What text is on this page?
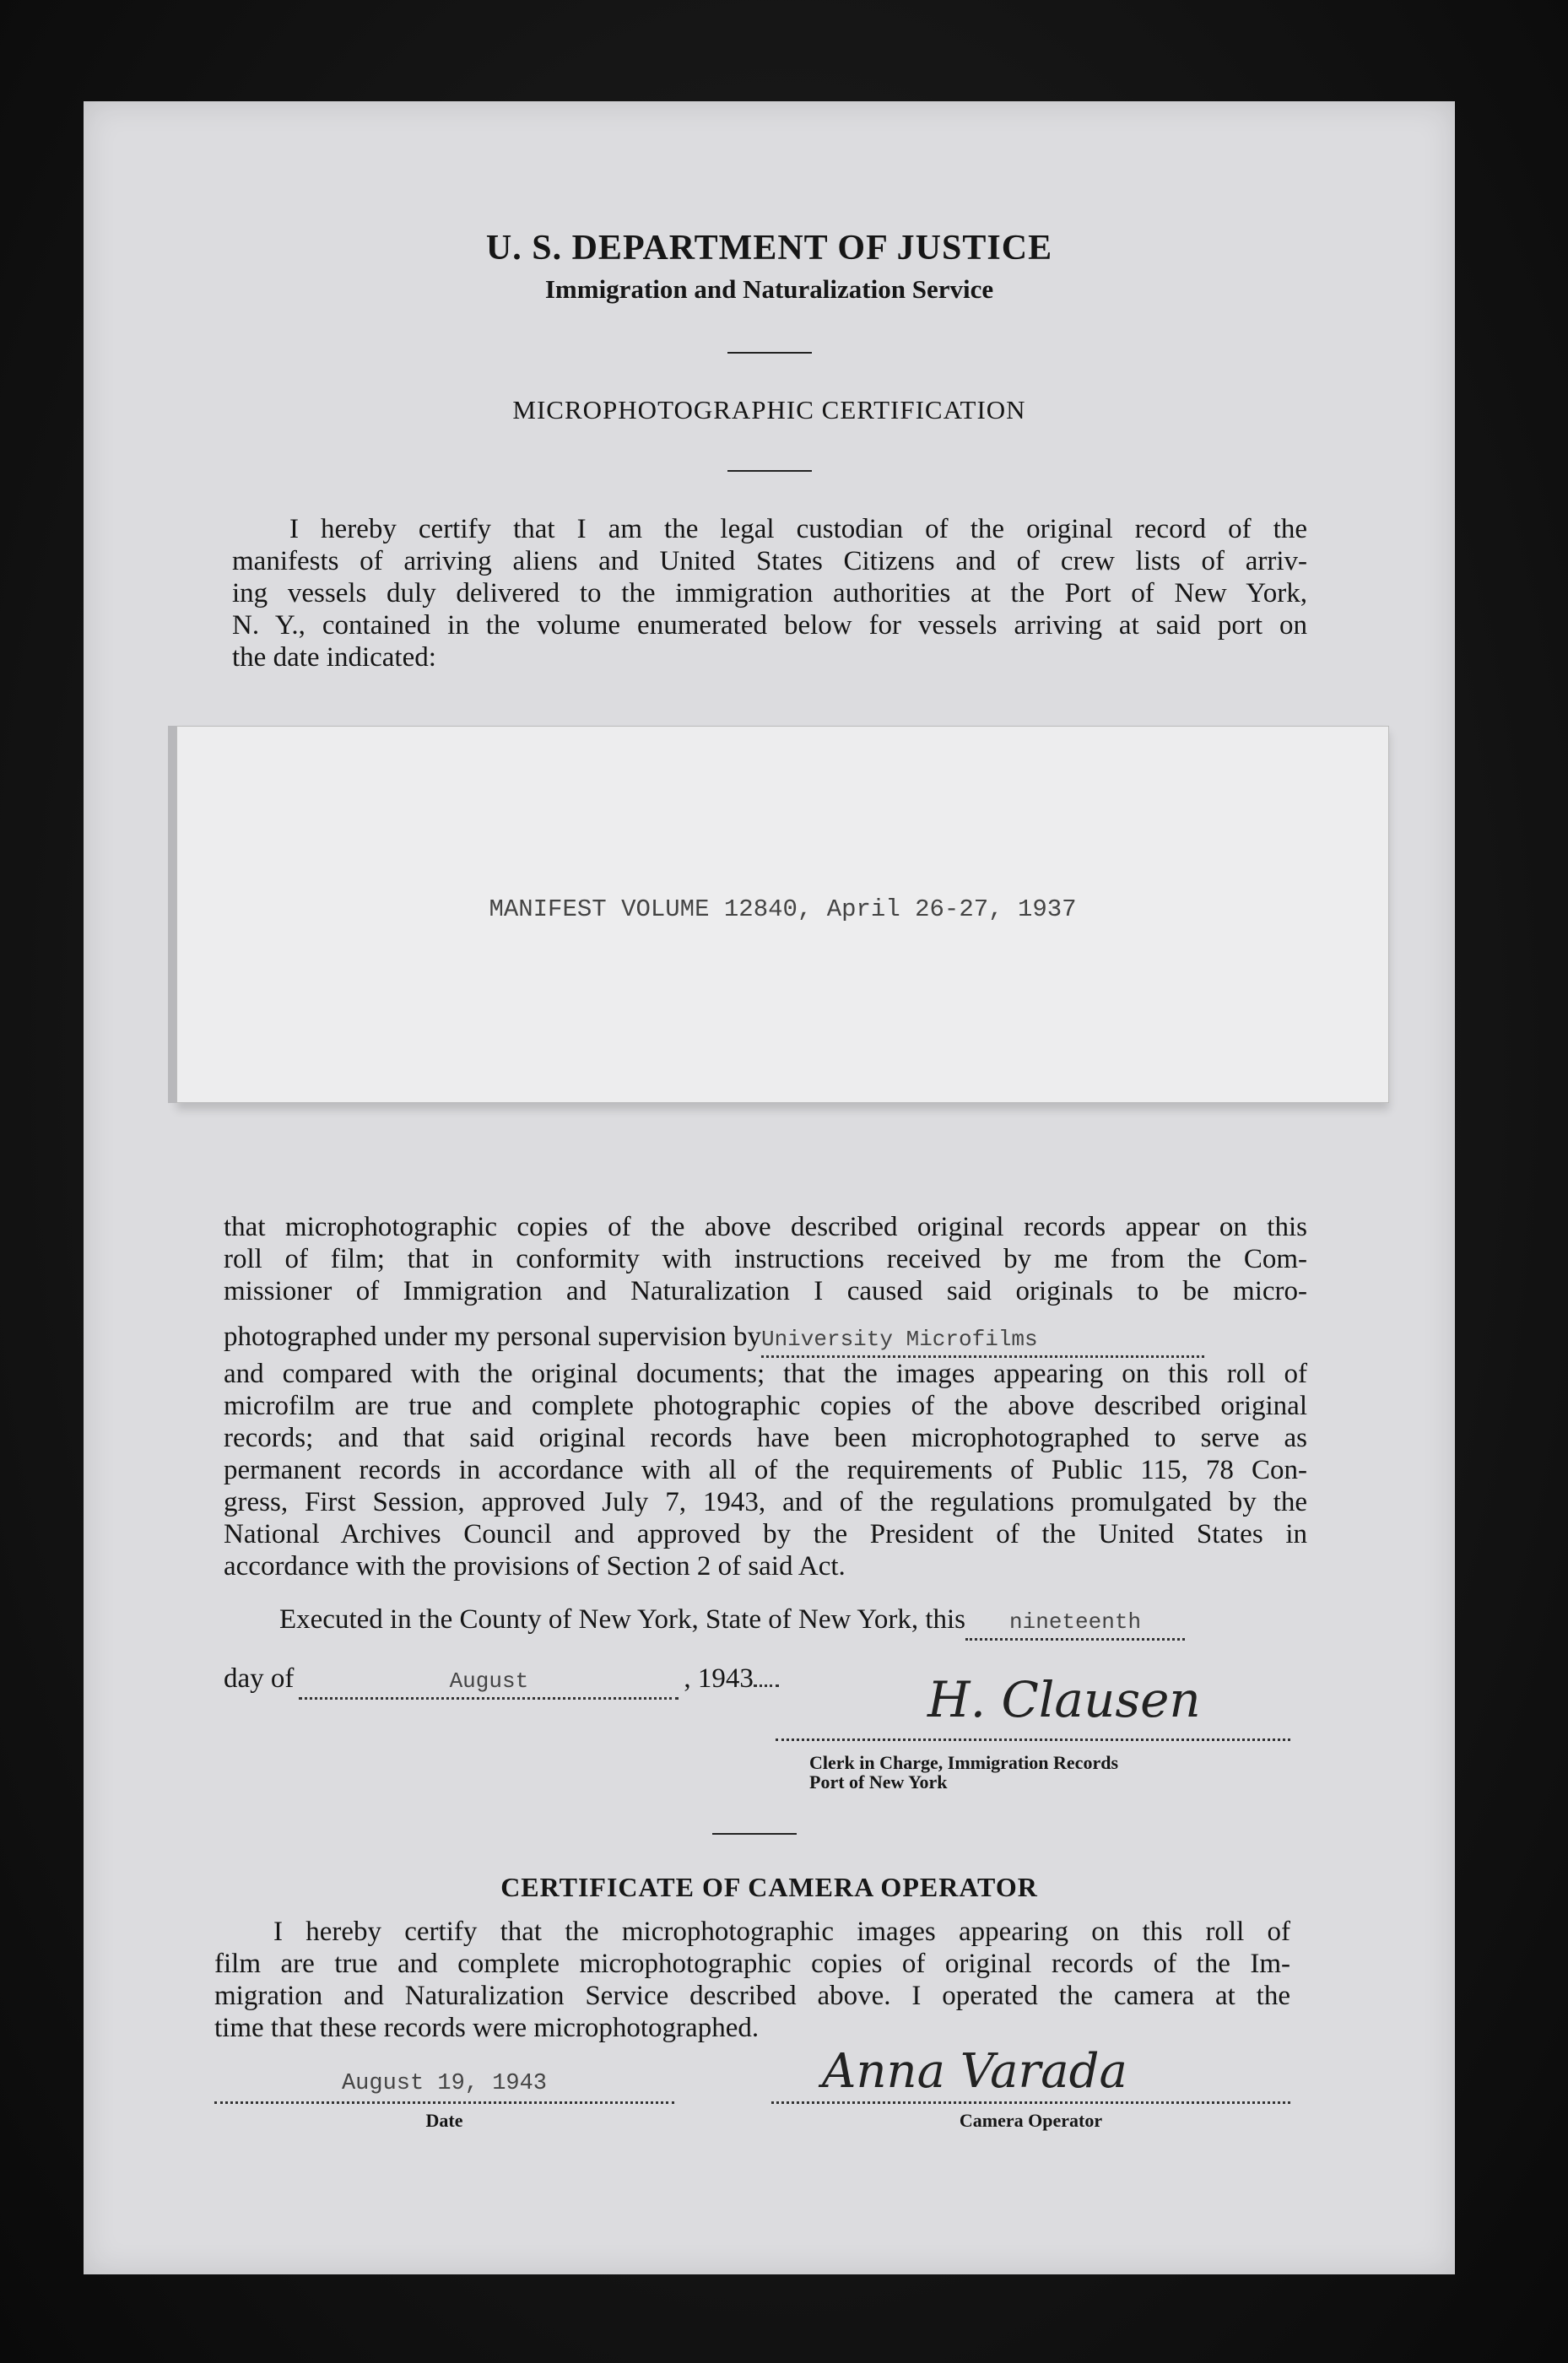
U. S. DEPARTMENT OF JUSTICE
Immigration and Naturalization Service
MICROPHOTOGRAPHIC CERTIFICATION
I hereby certify that I am the legal custodian of the original record of the
manifests of arriving aliens and United States Citizens and of crew lists of arriv-
ing vessels duly delivered to the immigration authorities at the Port of New York,
N. Y., contained in the volume enumerated below for vessels arriving at said port on
the date indicated:
MANIFEST VOLUME 12840, April 26-27, 1937
that microphotographic copies of the above described original records appear on this
roll of film; that in conformity with instructions received by me from the Com-
missioner of Immigration and Naturalization I caused said originals to be micro-
photographed under my personal supervision byUniversity Microfilms
and compared with the original documents; that the images appearing on this roll of
microfilm are true and complete photographic copies of the above described original
records; and that said original records have been microphotographed to serve as
permanent records in accordance with all of the requirements of Public 115, 78 Con-
gress, First Session, approved July 7, 1943, and of the regulations promulgated by the
National Archives Council and approved by the President of the United States in
accordance with the provisions of Section 2 of said Act.
Executed in the County of New York, State of New York, this nineteenth
day of	August	, 1943	H. Clausen
Clerk in Charge, Immigration Records
Port of New York
CERTIFICATE OF CAMERA OPERATOR
I hereby certify that the microphotographic images appearing on this roll of
film are true and complete microphotographic copies of original records of the Im-
migration and Naturalization Service described above. I operated the camera at the
time that these records were microphotographed.
August 19, 1943
Date
Anna Varada
Camera Operator
